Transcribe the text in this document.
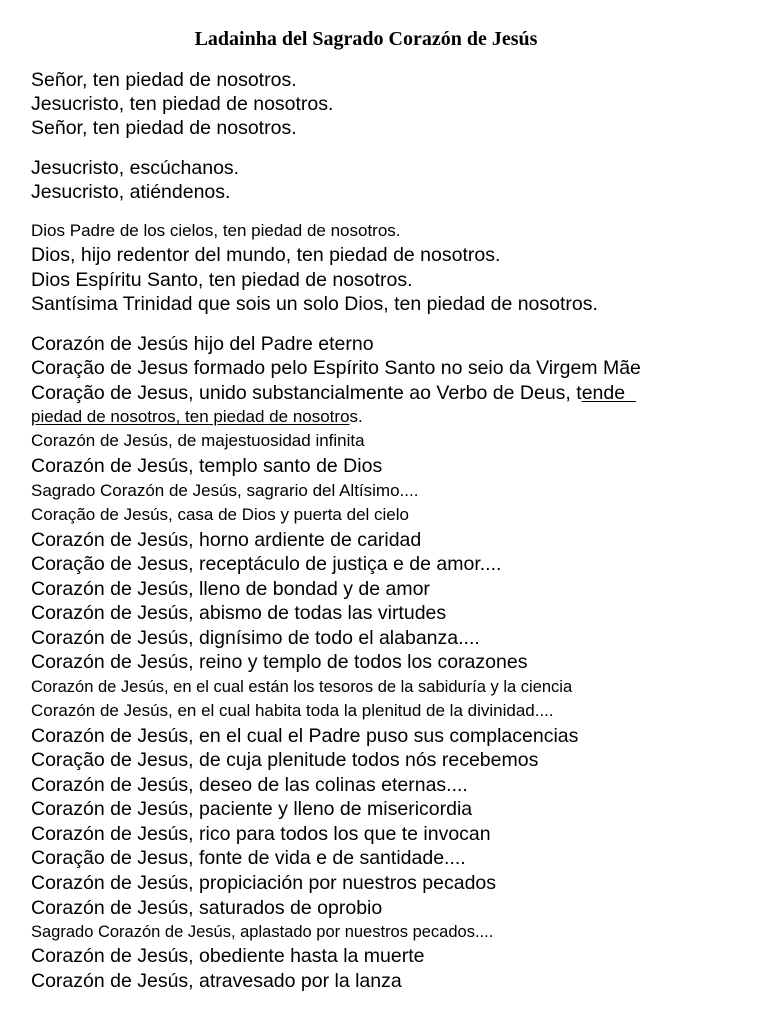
Ladainha del Sagrado Corazón de Jesús
Señor, ten piedad de nosotros.
Jesucristo, ten piedad de nosotros.
Señor, ten piedad de nosotros.
Jesucristo, escúchanos.
Jesucristo, atiéndenos.
Dios Padre de los cielos, ten piedad de nosotros.
Dios, hijo redentor del mundo, ten piedad de nosotros.
Dios Espíritu Santo, ten piedad de nosotros.
Santísima Trinidad que sois un solo Dios, ten piedad de nosotros.
Corazón de Jesús hijo del Padre eterno
Coração de Jesus formado pelo Espírito Santo no seio da Virgem Mãe
Coração de Jesus, unido substancialmente ao Verbo de Deus, tende
piedad de nosotros, ten piedad de nosotros.
Corazón de Jesús, de majestuosidad infinita
Corazón de Jesús, templo santo de Dios
Sagrado Corazón de Jesús, sagrario del Altísimo....
Coração de Jesús, casa de Dios y puerta del cielo
Corazón de Jesús, horno ardiente de caridad
Coração de Jesus, receptáculo de justiça e de amor....
Corazón de Jesús, lleno de bondad y de amor
Corazón de Jesús, abismo de todas las virtudes
Corazón de Jesús, dignísimo de todo el alabanza....
Corazón de Jesús, reino y templo de todos los corazones
Corazón de Jesús, en el cual están los tesoros de la sabiduría y la ciencia
Corazón de Jesús, en el cual habita toda la plenitud de la divinidad....
Corazón de Jesús, en el cual el Padre puso sus complacencias
Coração de Jesus, de cuja plenitude todos nós recebemos
Corazón de Jesús, deseo de las colinas eternas....
Corazón de Jesús, paciente y lleno de misericordia
Corazón de Jesús, rico para todos los que te invocan
Coração de Jesus, fonte de vida e de santidade....
Corazón de Jesús, propiciación por nuestros pecados
Corazón de Jesús, saturados de oprobio
Sagrado Corazón de Jesús, aplastado por nuestros pecados....
Corazón de Jesús, obediente hasta la muerte
Corazón de Jesús, atravesado por la lanza
